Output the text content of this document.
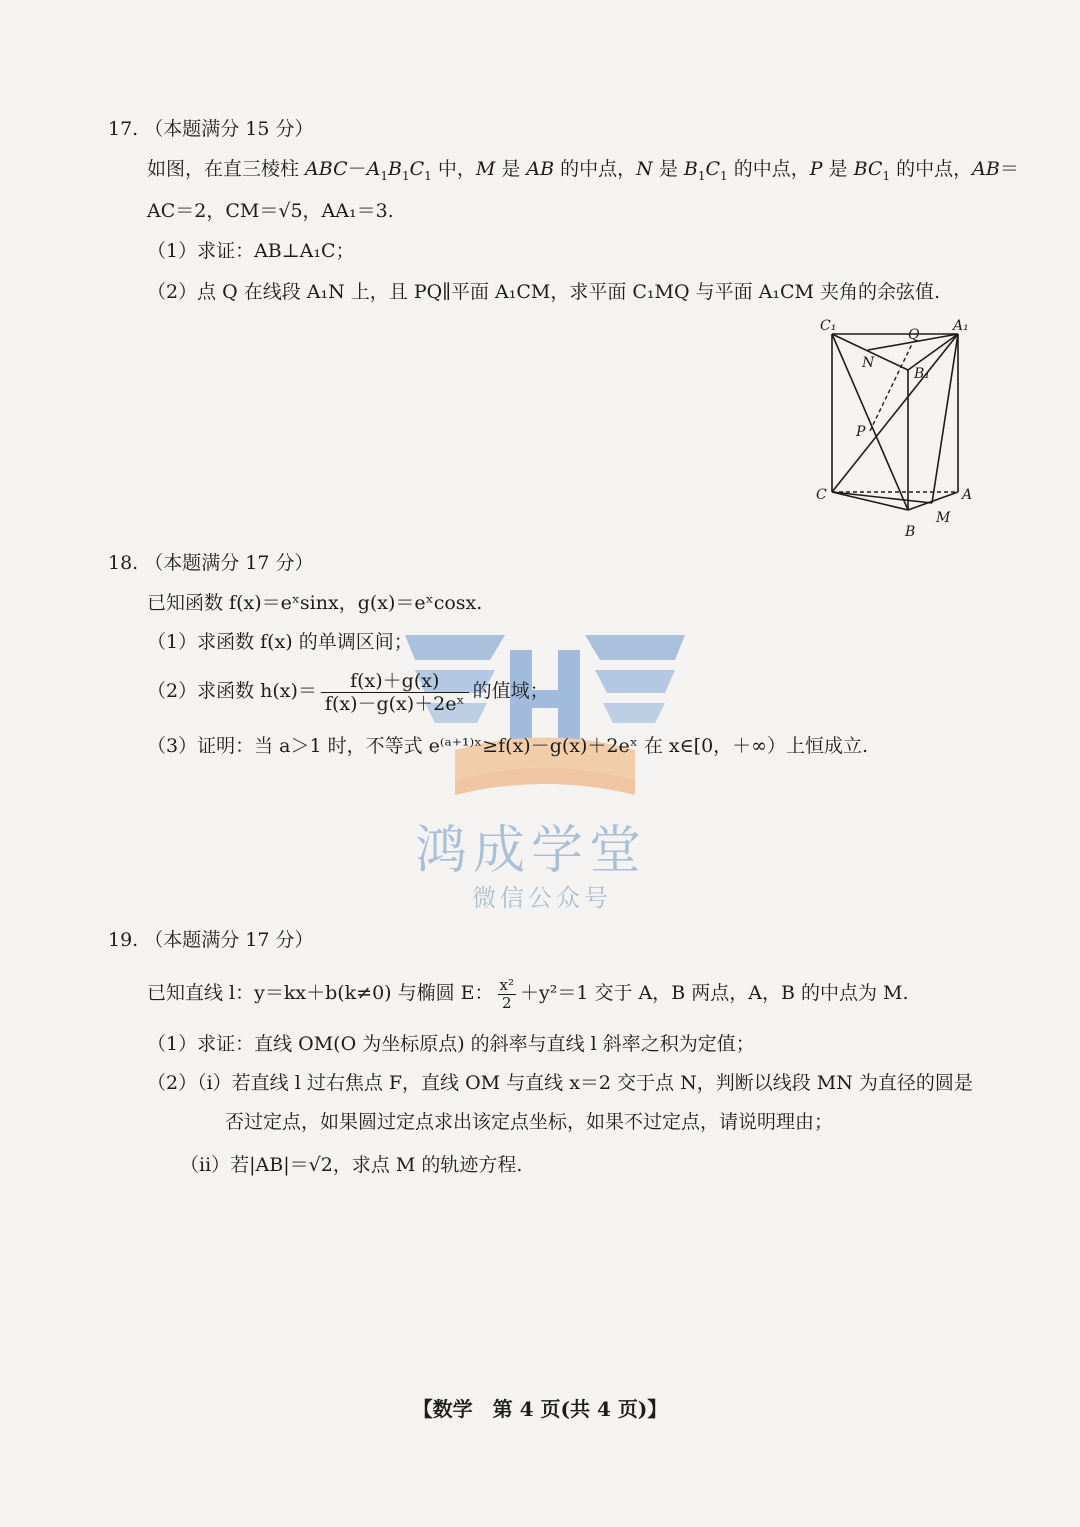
鸿成学堂
微信公众号
17. （本题满分 15 分）
如图，在直三棱柱 $ABC-A_1B_1C_1$ 中，M 是 AB 的中点，N 是 $B_1C_1$ 的中点，P 是 $BC_1$ 的中点，AB＝
AC＝2，CM＝√5，AA₁＝3.
（1）求证：AB⊥A₁C；
（2）点 Q 在线段 A₁N 上，且 PQ∥平面 A₁CM，求平面 C₁MQ 与平面 A₁CM 夹角的余弦值.
C₁
Q
A₁
N
B₁
P
C	A
M
B
18. （本题满分 17 分）
已知函数 f(x)＝eˣsinx，g(x)＝eˣcosx.
（1）求函数 f(x) 的单调区间；
（2）求函数 $h(x)= \frac{f(x)+g(x)}{\text{f(x)－g(x)＋2eˣ}}$ 的值域；
（3）证明：当 a＞1 时，不等式 e⁽ᵃ⁺¹⁾ˣ≥f(x)－g(x)＋2eˣ 在 x∈[0，＋∞）上恒成立.
19. （本题满分 17 分）
已知直线 l：y＝kx＋b(k≠0) 与椭圆 E： $\frac{\text{x²}}{2} +y^2=1$ 交于 A，B 两点，A，B 的中点为 M.
（1）求证：直线 OM(O 为坐标原点) 的斜率与直线 l 斜率之积为定值；
（2）（ⅰ）若直线 l 过右焦点 F，直线 OM 与直线 x＝2 交于点 N，判断以线段 MN 为直径的圆是
否过定点，如果圆过定点求出该定点坐标，如果不过定点，请说明理由；
（ⅱ）若|AB|＝√2，求点 M 的轨迹方程.
【数学　第 4 页(共 4 页)】
